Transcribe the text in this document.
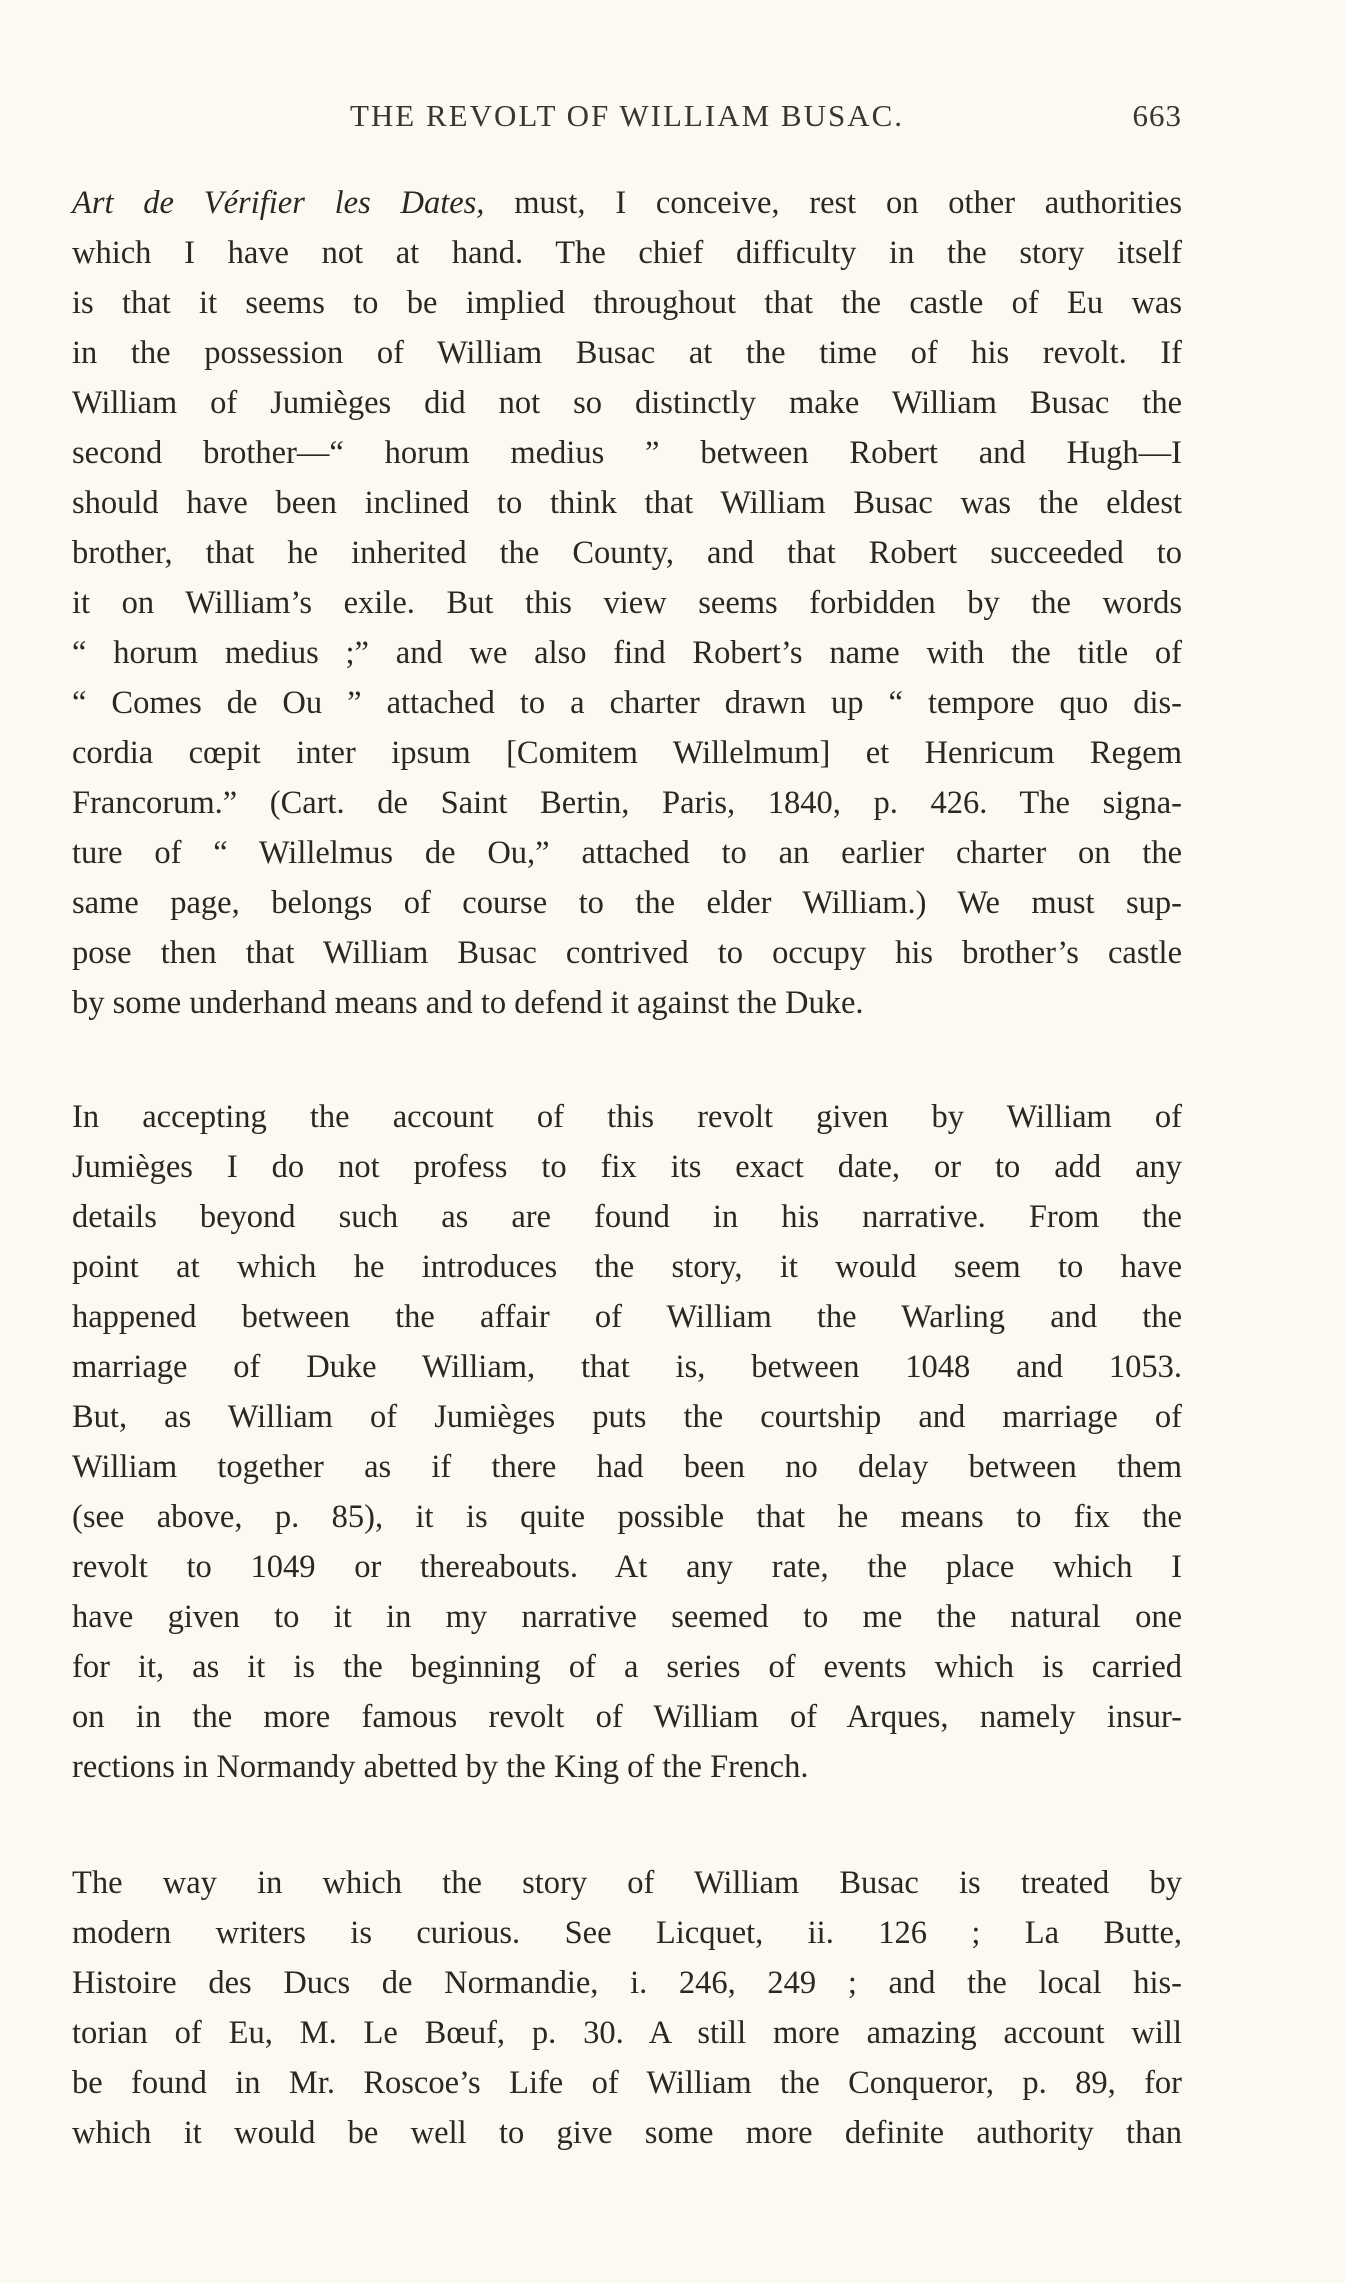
THE REVOLT OF WILLIAM BUSAC.	663
Art de Vérifier les Dates, must, I conceive, rest on other authorities
which I have not at hand. The chief difficulty in the story itself
is that it seems to be implied throughout that the castle of Eu was
in the possession of William Busac at the time of his revolt. If
William of Jumièges did not so distinctly make William Busac the
second brother—“ horum medius ” between Robert and Hugh—I
should have been inclined to think that William Busac was the eldest
brother, that he inherited the County, and that Robert succeeded to
it on William’s exile. But this view seems forbidden by the words
“ horum medius ;” and we also find Robert’s name with the title of
“ Comes de Ou ” attached to a charter drawn up “ tempore quo dis-
cordia cœpit inter ipsum [Comitem Willelmum] et Henricum Regem
Francorum.” (Cart. de Saint Bertin, Paris, 1840, p. 426. The signa-
ture of “ Willelmus de Ou,” attached to an earlier charter on the
same page, belongs of course to the elder William.) We must sup-
pose then that William Busac contrived to occupy his brother’s castle
by some underhand means and to defend it against the Duke.
In accepting the account of this revolt given by William of
Jumièges I do not profess to fix its exact date, or to add any
details beyond such as are found in his narrative. From the
point at which he introduces the story, it would seem to have
happened between the affair of William the Warling and the
marriage of Duke William, that is, between 1048 and 1053.
But, as William of Jumièges puts the courtship and marriage of
William together as if there had been no delay between them
(see above, p. 85), it is quite possible that he means to fix the
revolt to 1049 or thereabouts. At any rate, the place which I
have given to it in my narrative seemed to me the natural one
for it, as it is the beginning of a series of events which is carried
on in the more famous revolt of William of Arques, namely insur-
rections in Normandy abetted by the King of the French.
The way in which the story of William Busac is treated by
modern writers is curious. See Licquet, ii. 126 ; La Butte,
Histoire des Ducs de Normandie, i. 246, 249 ; and the local his-
torian of Eu, M. Le Bœuf, p. 30. A still more amazing account will
be found in Mr. Roscoe’s Life of William the Conqueror, p. 89, for
which it would be well to give some more definite authority than
